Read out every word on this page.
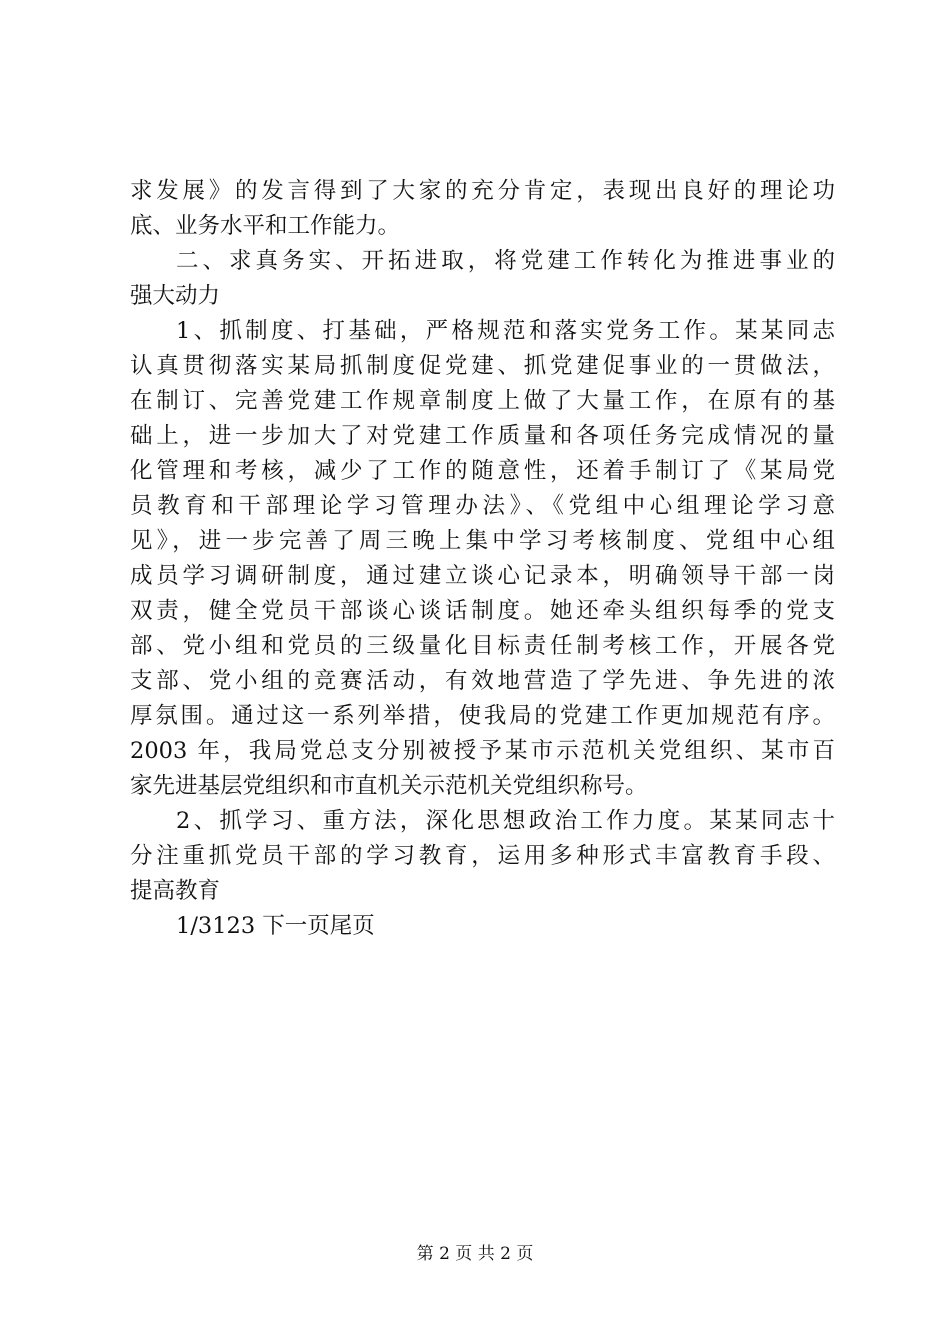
求发展》的发言得到了大家的充分肯定，表现出良好的理论功
底、业务水平和工作能力。
二、求真务实、开拓进取，将党建工作转化为推进事业的
强大动力
1、抓制度、打基础，严格规范和落实党务工作。某某同志
认真贯彻落实某局抓制度促党建、抓党建促事业的一贯做法，
在制订、完善党建工作规章制度上做了大量工作，在原有的基
础上，进一步加大了对党建工作质量和各项任务完成情况的量
化管理和考核，减少了工作的随意性，还着手制订了《某局党
员教育和干部理论学习管理办法》、《党组中心组理论学习意
见》，进一步完善了周三晚上集中学习考核制度、党组中心组
成员学习调研制度，通过建立谈心记录本，明确领导干部一岗
双责，健全党员干部谈心谈话制度。她还牵头组织每季的党支
部、党小组和党员的三级量化目标责任制考核工作，开展各党
支部、党小组的竞赛活动，有效地营造了学先进、争先进的浓
厚氛围。通过这一系列举措，使我局的党建工作更加规范有序。
2003 年，我局党总支分别被授予某市示范机关党组织、某市百
家先进基层党组织和市直机关示范机关党组织称号。
2、抓学习、重方法，深化思想政治工作力度。某某同志十
分注重抓党员干部的学习教育，运用多种形式丰富教育手段、
提高教育
1/3123 下一页尾页
第 2 页 共 2 页
